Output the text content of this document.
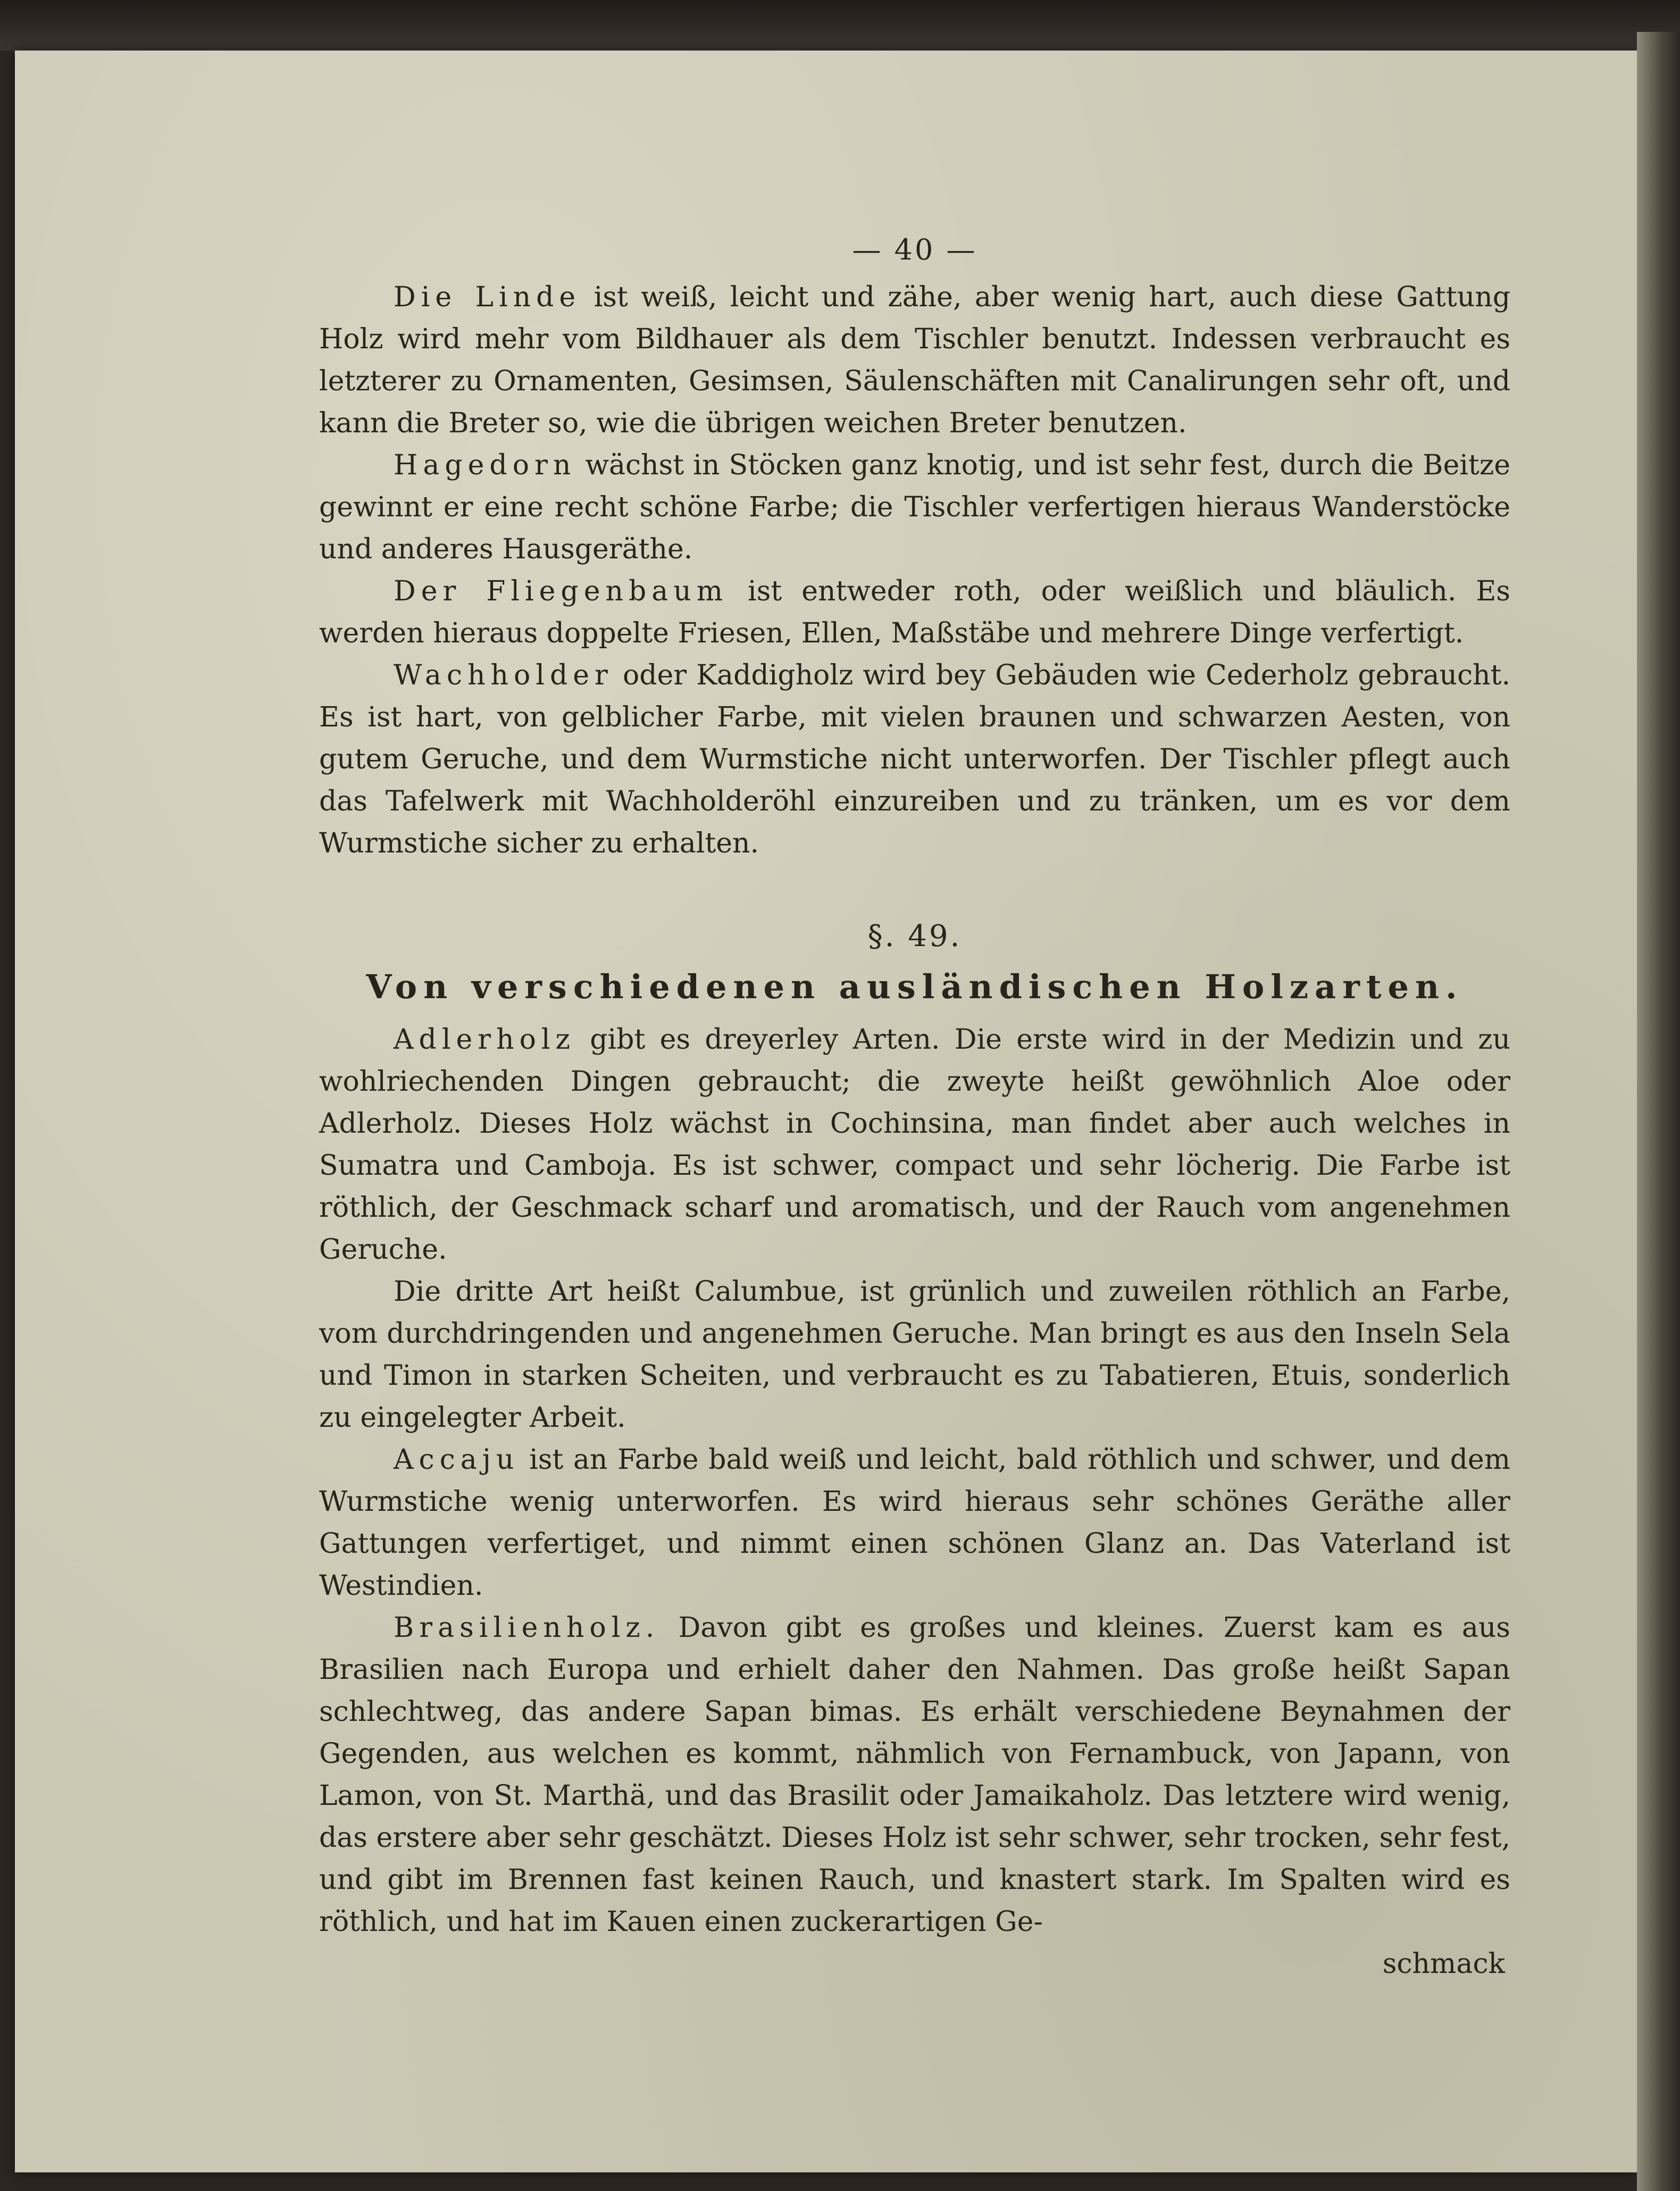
— 40 —

Die Linde ist weiß, leicht und zähe, aber wenig hart, auch diese Gattung Holz wird mehr vom Bildhauer als dem Tischler benutzt. Indessen verbraucht es letzterer zu Ornamenten, Gesimsen, Säulenschäften mit Canalirungen sehr oft, und kann die Breter so, wie die übrigen weichen Breter benutzen.

Hagedorn wächst in Stöcken ganz knotig, und ist sehr fest, durch die Beitze gewinnt er eine recht schöne Farbe; die Tischler verfertigen hieraus Wanderstöcke und anderes Hausgeräthe.

Der Fliegenbaum ist entweder roth, oder weißlich und bläulich. Es werden hieraus doppelte Friesen, Ellen, Maßstäbe und mehrere Dinge verfertigt.

Wachholder oder Kaddigholz wird bey Gebäuden wie Cederholz gebraucht. Es ist hart, von gelblicher Farbe, mit vielen braunen und schwarzen Aesten, von gutem Geruche, und dem Wurmstiche nicht unterworfen. Der Tischler pflegt auch das Tafelwerk mit Wachholderöhl einzureiben und zu tränken, um es vor dem Wurmstiche sicher zu erhalten.

§. 49.
Von verschiedenen ausländischen Holzarten.

Adlerholz gibt es dreyerley Arten. Die erste wird in der Medizin und zu wohlriechenden Dingen gebraucht; die zweyte heißt gewöhnlich Aloe oder Adlerholz. Dieses Holz wächst in Cochinsina, man findet aber auch welches in Sumatra und Camboja. Es ist schwer, compact und sehr löcherig. Die Farbe ist röthlich, der Geschmack scharf und aromatisch, und der Rauch vom angenehmen Geruche.

Die dritte Art heißt Calumbue, ist grünlich und zuweilen röthlich an Farbe, vom durchdringenden und angenehmen Geruche. Man bringt es aus den Inseln Sela und Timon in starken Scheiten, und verbraucht es zu Tabatieren, Etuis, sonderlich zu eingelegter Arbeit.

Accaju ist an Farbe bald weiß und leicht, bald röthlich und schwer, und dem Wurmstiche wenig unterworfen. Es wird hieraus sehr schönes Geräthe aller Gattungen verfertiget, und nimmt einen schönen Glanz an. Das Vaterland ist Westindien.

Brasilienholz. Davon gibt es großes und kleines. Zuerst kam es aus Brasilien nach Europa und erhielt daher den Nahmen. Das große heißt Sapan schlechtweg, das andere Sapan bimas. Es erhält verschiedene Beynahmen der Gegenden, aus welchen es kommt, nähmlich von Fernambuck, von Japann, von Lamon, von St. Marthä, und das Brasilit oder Jamaikaholz. Das letztere wird wenig, das erstere aber sehr geschätzt. Dieses Holz ist sehr schwer, sehr trocken, sehr fest, und gibt im Brennen fast keinen Rauch, und knastert stark. Im Spalten wird es röthlich, und hat im Kauen einen zuckerartigen Ge-

schmack
